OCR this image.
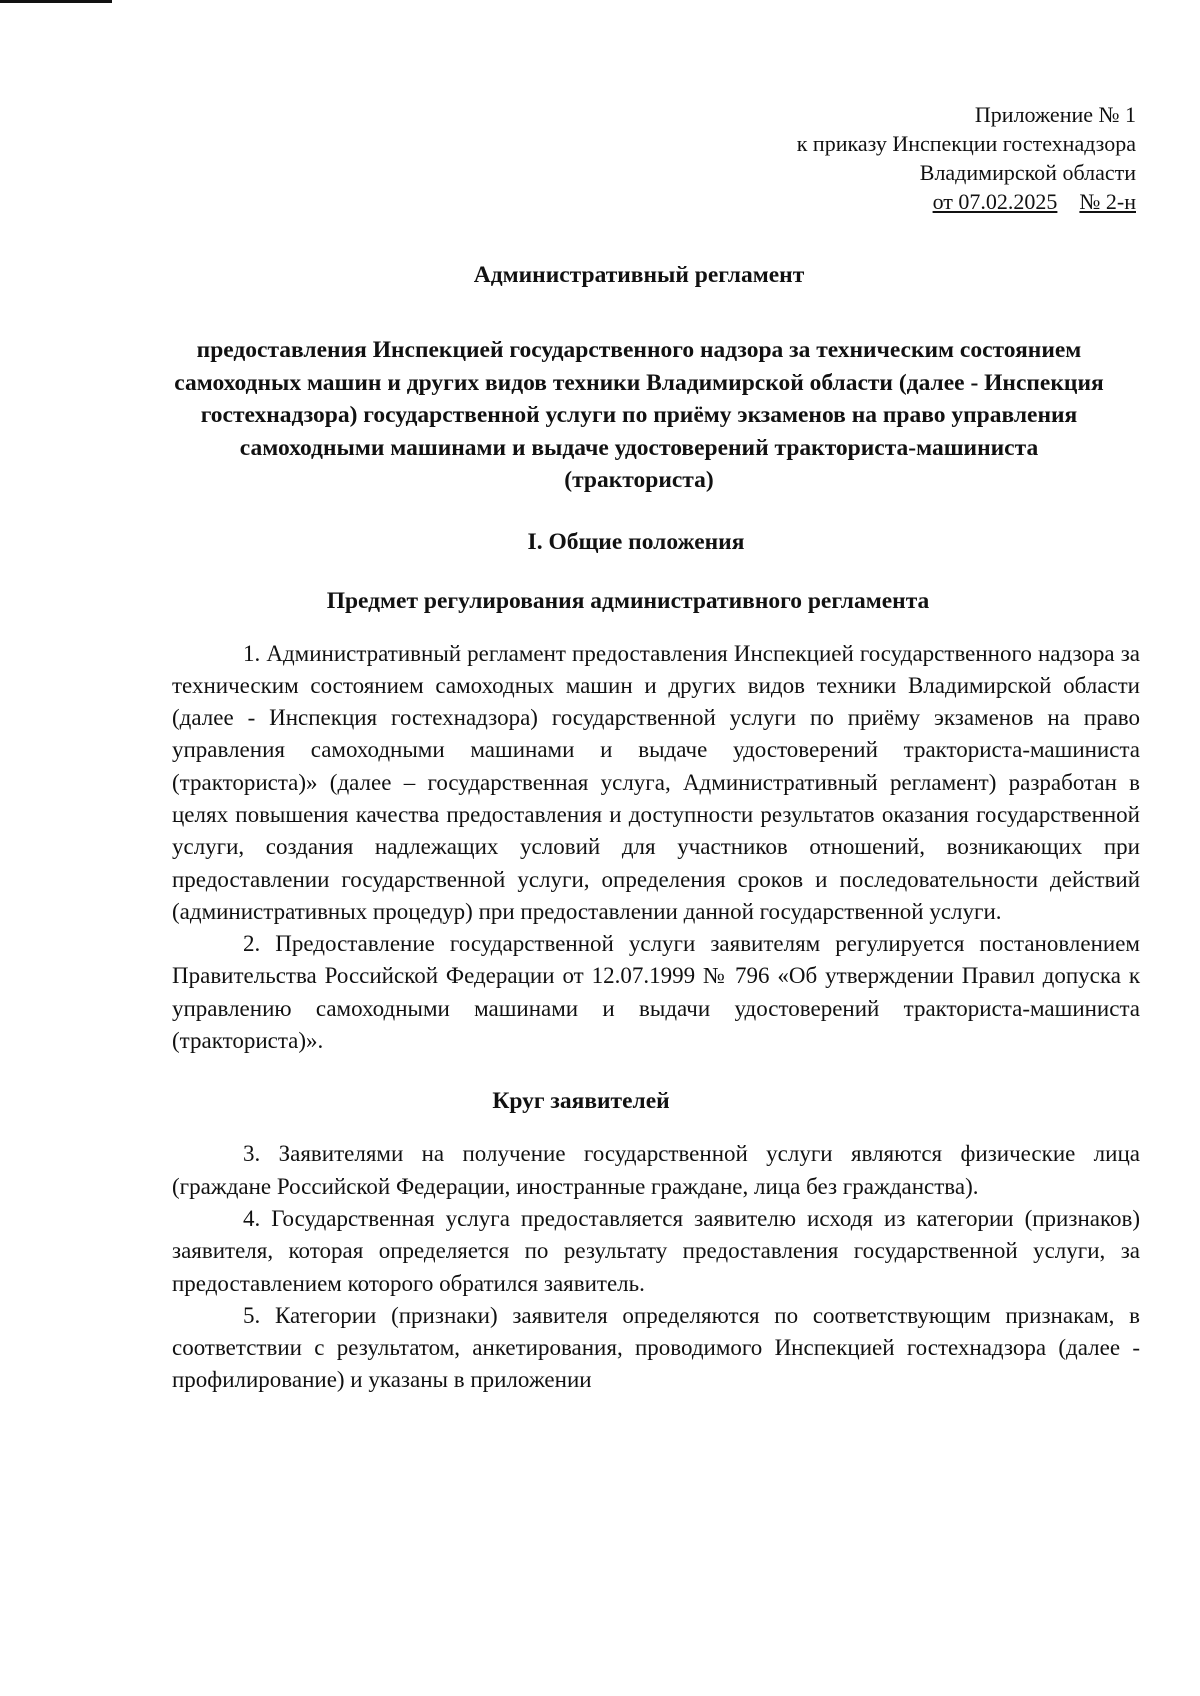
Приложение № 1
к приказу Инспекции гостехнадзора
Владимирской области
от 07.02.2025 № 2-н

Административный регламент

предоставления Инспекцией государственного надзора за техническим состоянием самоходных машин и других видов техники Владимирской области (далее - Инспекция гостехнадзора) государственной услуги по приёму экзаменов на право управления самоходными машинами и выдаче удостоверений тракториста-машиниста (тракториста)

I. Общие положения

Предмет регулирования административного регламента

1. Административный регламент предоставления Инспекцией государственного надзора за техническим состоянием самоходных машин и других видов техники Владимирской области (далее - Инспекция гостехнадзора) государственной услуги по приёму экзаменов на право управления самоходными машинами и выдаче удостоверений тракториста-машиниста (тракториста)» (далее – государственная услуга, Административный регламент) разработан в целях повышения качества предоставления и доступности результатов оказания государственной услуги, создания надлежащих условий для участников отношений, возникающих при предоставлении государственной услуги, определения сроков и последовательности действий (административных процедур) при предоставлении данной государственной услуги.

2. Предоставление государственной услуги заявителям регулируется постановлением Правительства Российской Федерации от 12.07.1999 № 796 «Об утверждении Правил допуска к управлению самоходными машинами и выдачи удостоверений тракториста-машиниста (тракториста)».

Круг заявителей

3. Заявителями на получение государственной услуги являются физические лица (граждане Российской Федерации, иностранные граждане, лица без гражданства).

4. Государственная услуга предоставляется заявителю исходя из категории (признаков) заявителя, которая определяется по результату предоставления государственной услуги, за предоставлением которого обратился заявитель.

5. Категории (признаки) заявителя определяются по соответствующим признакам, в соответствии с результатом, анкетирования, проводимого Инспекцией гостехнадзора (далее - профилирование) и указаны в приложении
